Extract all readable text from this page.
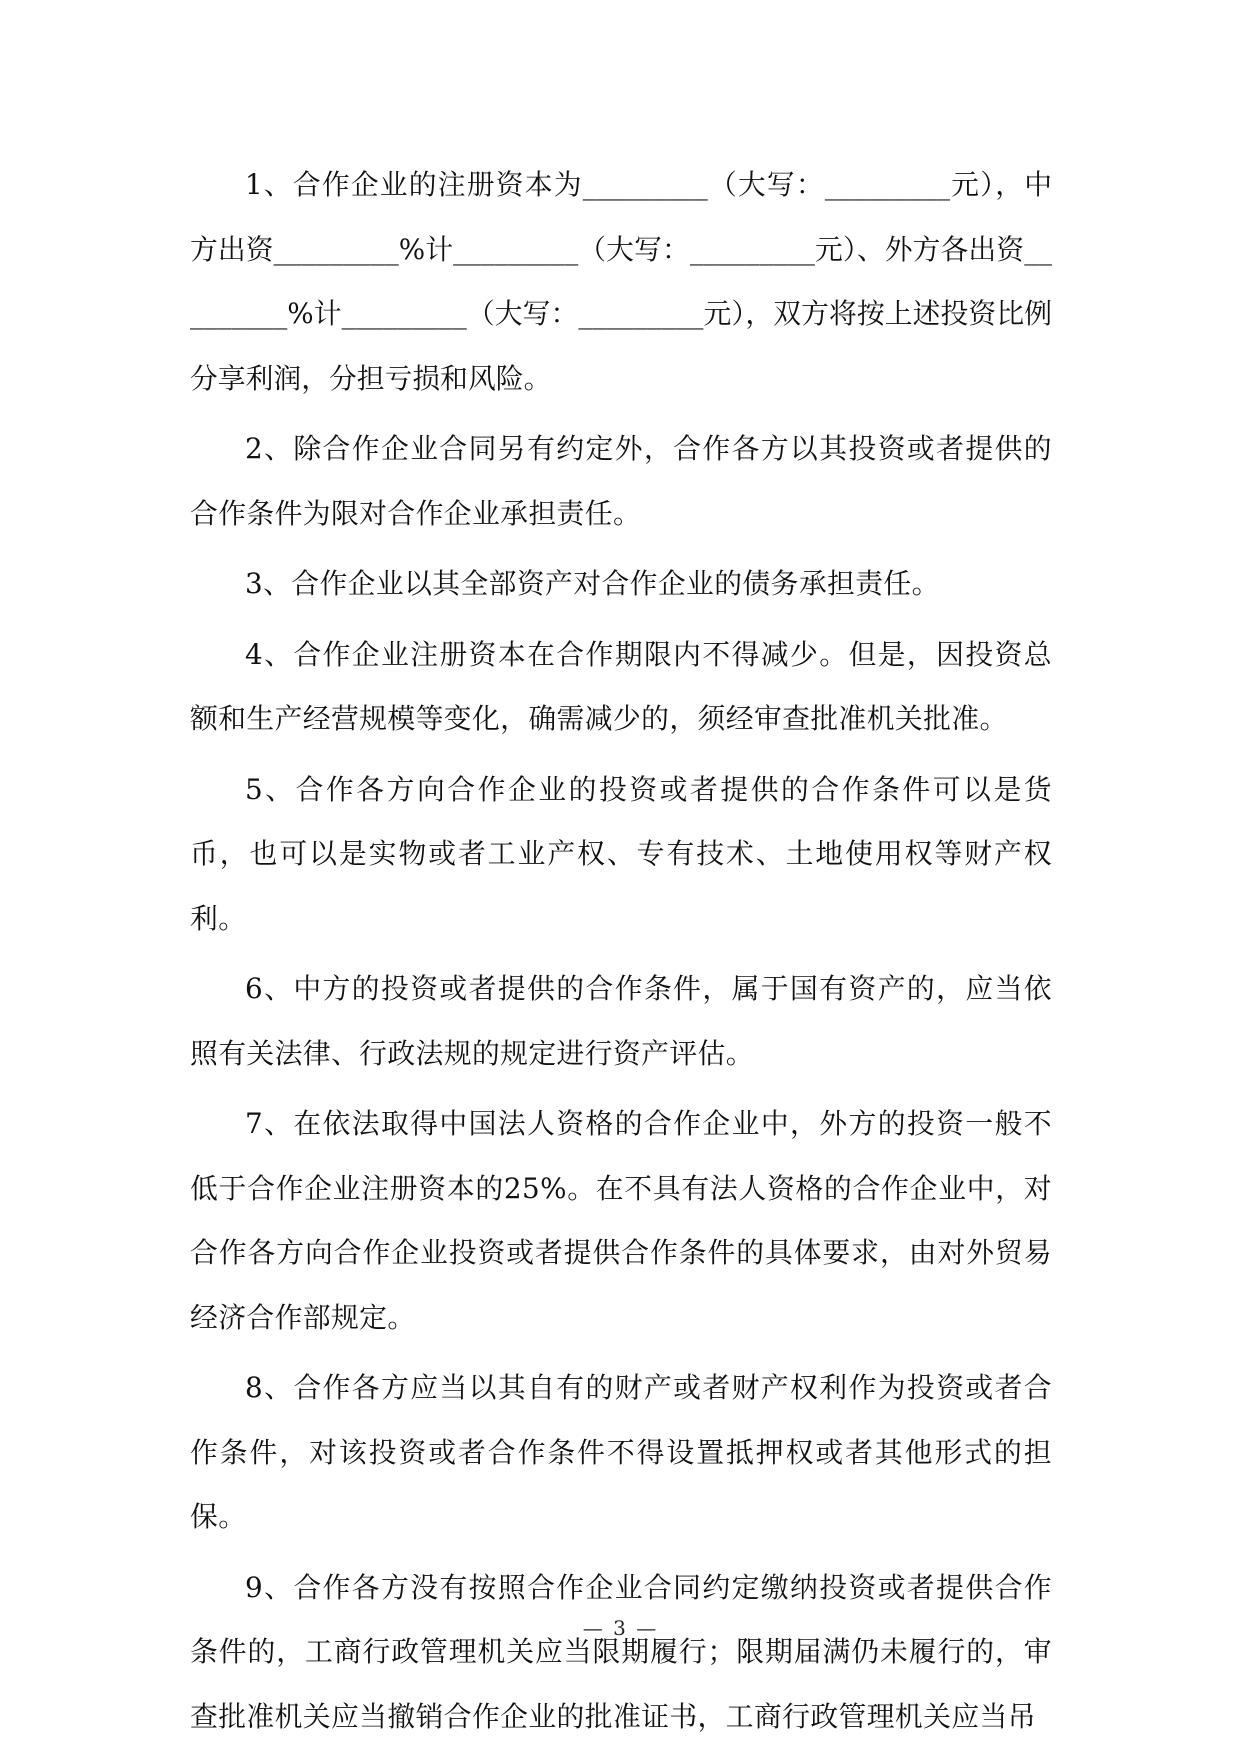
1、合作企业的注册资本为_________（大写：_________元），中方出资_________%计_________（大写：_________元）、外方各出资_________%计_________（大写：_________元），双方将按上述投资比例分享利润，分担亏损和风险。

2、除合作企业合同另有约定外，合作各方以其投资或者提供的合作条件为限对合作企业承担责任。

3、合作企业以其全部资产对合作企业的债务承担责任。

4、合作企业注册资本在合作期限内不得减少。但是，因投资总额和生产经营规模等变化，确需减少的，须经审查批准机关批准。

5、合作各方向合作企业的投资或者提供的合作条件可以是货币，也可以是实物或者工业产权、专有技术、土地使用权等财产权利。

6、中方的投资或者提供的合作条件，属于国有资产的，应当依照有关法律、行政法规的规定进行资产评估。

7、在依法取得中国法人资格的合作企业中，外方的投资一般不低于合作企业注册资本的25%。在不具有法人资格的合作企业中，对合作各方向合作企业投资或者提供合作条件的具体要求，由对外贸易经济合作部规定。

8、合作各方应当以其自有的财产或者财产权利作为投资或者合作条件，对该投资或者合作条件不得设置抵押权或者其他形式的担保。

9、合作各方没有按照合作企业合同约定缴纳投资或者提供合作条件的，工商行政管理机关应当限期履行；限期届满仍未履行的，审查批准机关应当撤销合作企业的批准证书，工商行政管理机关应当吊

— 3 —
